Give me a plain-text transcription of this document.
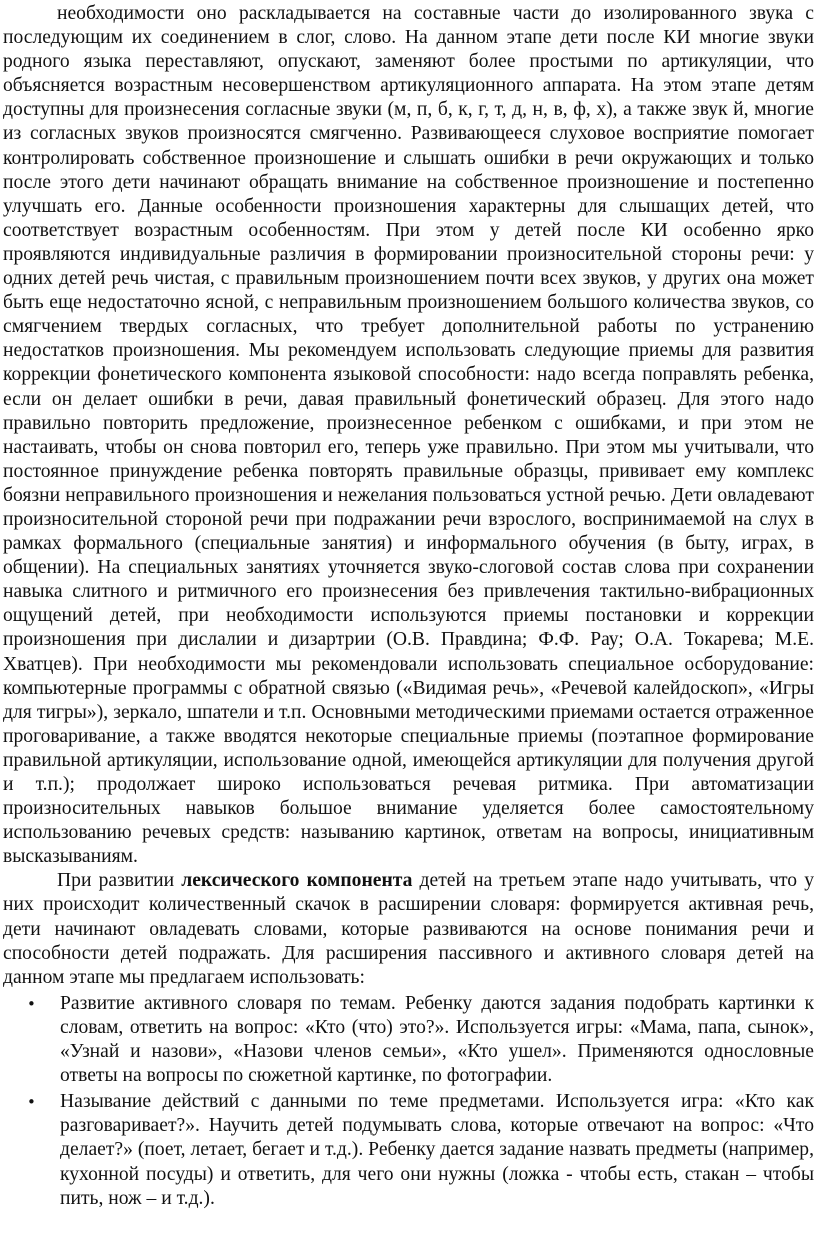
необходимости оно раскладывается на составные части до изолированного звука с последующим их соединением в слог, слово. На данном этапе дети после КИ многие звуки родного языка переставляют, опускают, заменяют более простыми по артикуляции, что объясняется возрастным несовершенством артикуляционного аппарата. На этом этапе детям доступны для произнесения согласные звуки (м, п, б, к, г, т, д, н, в, ф, х), а также звук й, многие из согласных звуков произносятся смягченно. Развивающееся слуховое восприятие помогает контролировать собственное произношение и слышать ошибки в речи окружающих и только после этого дети начинают обращать внимание на собственное произношение и постепенно улучшать его. Данные особенности произношения характерны для слышащих детей, что соответствует возрастным особенностям. При этом у детей после КИ особенно ярко проявляются индивидуальные различия в формировании произносительной стороны речи: у одних детей речь чистая, с правильным произношением почти всех звуков, у других она может быть еще недостаточно ясной, с неправильным произношением большого количества звуков, со смягчением твердых согласных, что требует дополнительной работы по устранению недостатков произношения. Мы рекомендуем использовать следующие приемы для развития коррекции фонетического компонента языковой способности: надо всегда поправлять ребенка, если он делает ошибки в речи, давая правильный фонетический образец. Для этого надо правильно повторить предложение, произнесенное ребенком с ошибками, и при этом не настаивать, чтобы он снова повторил его, теперь уже правильно. При этом мы учитывали, что постоянное принуждение ребенка повторять правильные образцы, прививает ему комплекс боязни неправильного произношения и нежелания пользоваться устной речью. Дети овладевают произносительной стороной речи при подражании речи взрослого, воспринимаемой на слух в рамках формального (специальные занятия) и информального обучения (в быту, играх, в общении). На специальных занятиях уточняется звуко-слоговой состав слова при сохранении навыка слитного и ритмичного его произнесения без привлечения тактильно-вибрационных ощущений детей, при необходимости используются приемы постановки и коррекции произношения при дислалии и дизартрии (О.В. Правдина; Ф.Ф. Рау; О.А. Токарева; М.Е. Хватцев). При необходимости мы рекомендовали использовать специальное осборудование: компьютерные программы с обратной связью («Видимая речь», «Речевой калейдоскоп», «Игры для тигры»), зеркало, шпатели и т.п. Основными методическими приемами остается отраженное проговаривание, а также вводятся некоторые специальные приемы (поэтапное формирование правильной артикуляции, использование одной, имеющейся артикуляции для получения другой и т.п.); продолжает широко использоваться речевая ритмика. При автоматизации произносительных навыков большое внимание уделяется более самостоятельному использованию речевых средств: называнию картинок, ответам на вопросы, инициативным высказываниям.

При развитии лексического компонента детей на третьем этапе надо учитывать, что у них происходит количественный скачок в расширении словаря: формируется активная речь, дети начинают овладевать словами, которые развиваются на основе понимания речи и способности детей подражать. Для расширения пассивного и активного словаря детей на данном этапе мы предлагаем использовать:

• Развитие активного словаря по темам. Ребенку даются задания подобрать картинки к словам, ответить на вопрос: «Кто (что) это?». Используется игры: «Мама, папа, сынок», «Узнай и назови», «Назови членов семьи», «Кто ушел». Применяются однословные ответы на вопросы по сюжетной картинке, по фотографии.
• Называние действий с данными по теме предметами. Используется игра: «Кто как разговаривает?». Научить детей подумывать слова, которые отвечают на вопрос: «Что делает?» (поет, летает, бегает и т.д.). Ребенку дается задание назвать предметы (например, кухонной посуды) и ответить, для чего они нужны (ложка - чтобы есть, стакан – чтобы пить, нож – и т.д.).
